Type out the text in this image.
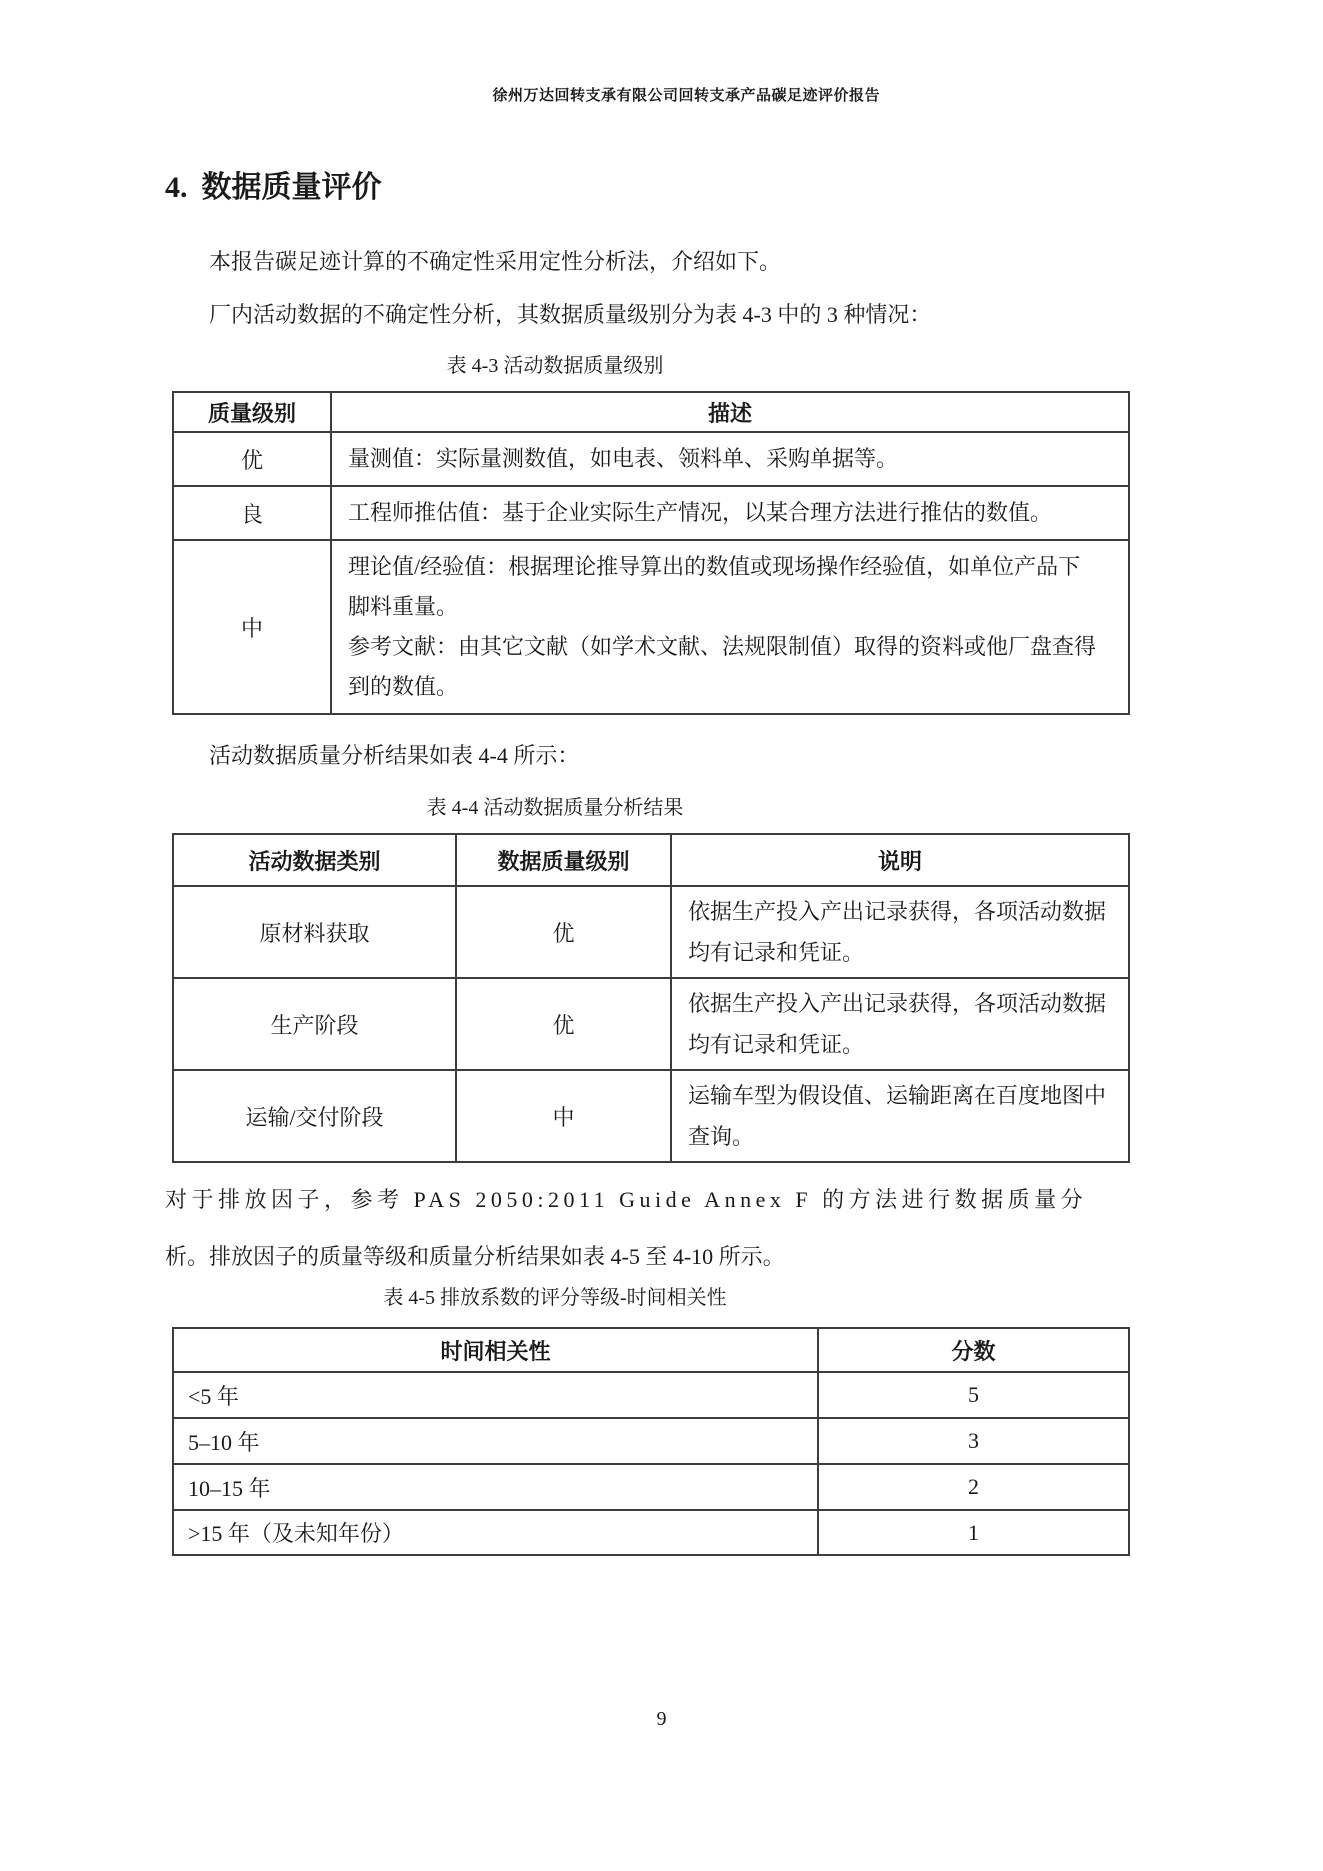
徐州万达回转支承有限公司回转支承产品碳足迹评价报告
4. 数据质量评价
本报告碳足迹计算的不确定性采用定性分析法，介绍如下。
厂内活动数据的不确定性分析，其数据质量级别分为表 4-3 中的 3 种情况：
表 4-3 活动数据质量级别
质量级别	描述
优	量测值：实际量测数值，如电表、领料单、采购单据等。
良	工程师推估值：基于企业实际生产情况，以某合理方法进行推估的数值。
中	理论值/经验值：根据理论推导算出的数值或现场操作经验值，如单位产品下脚料重量。
参考文献：由其它文献（如学术文献、法规限制值）取得的资料或他厂盘查得到的数值。
活动数据质量分析结果如表 4-4 所示：
表 4-4 活动数据质量分析结果
活动数据类别	数据质量级别	说明
原材料获取	优	依据生产投入产出记录获得，各项活动数据均有记录和凭证。
生产阶段	优	依据生产投入产出记录获得，各项活动数据均有记录和凭证。
运输/交付阶段	中	运输车型为假设值、运输距离在百度地图中查询。
对于排放因子，参考 PAS 2050:2011 Guide Annex F 的方法进行数据质量分
析。排放因子的质量等级和质量分析结果如表 4-5 至 4-10 所示。
表 4-5 排放系数的评分等级-时间相关性
时间相关性	分数
<5 年	5
5–10 年	3
10–15 年	2
>15 年（及未知年份）	1
9
